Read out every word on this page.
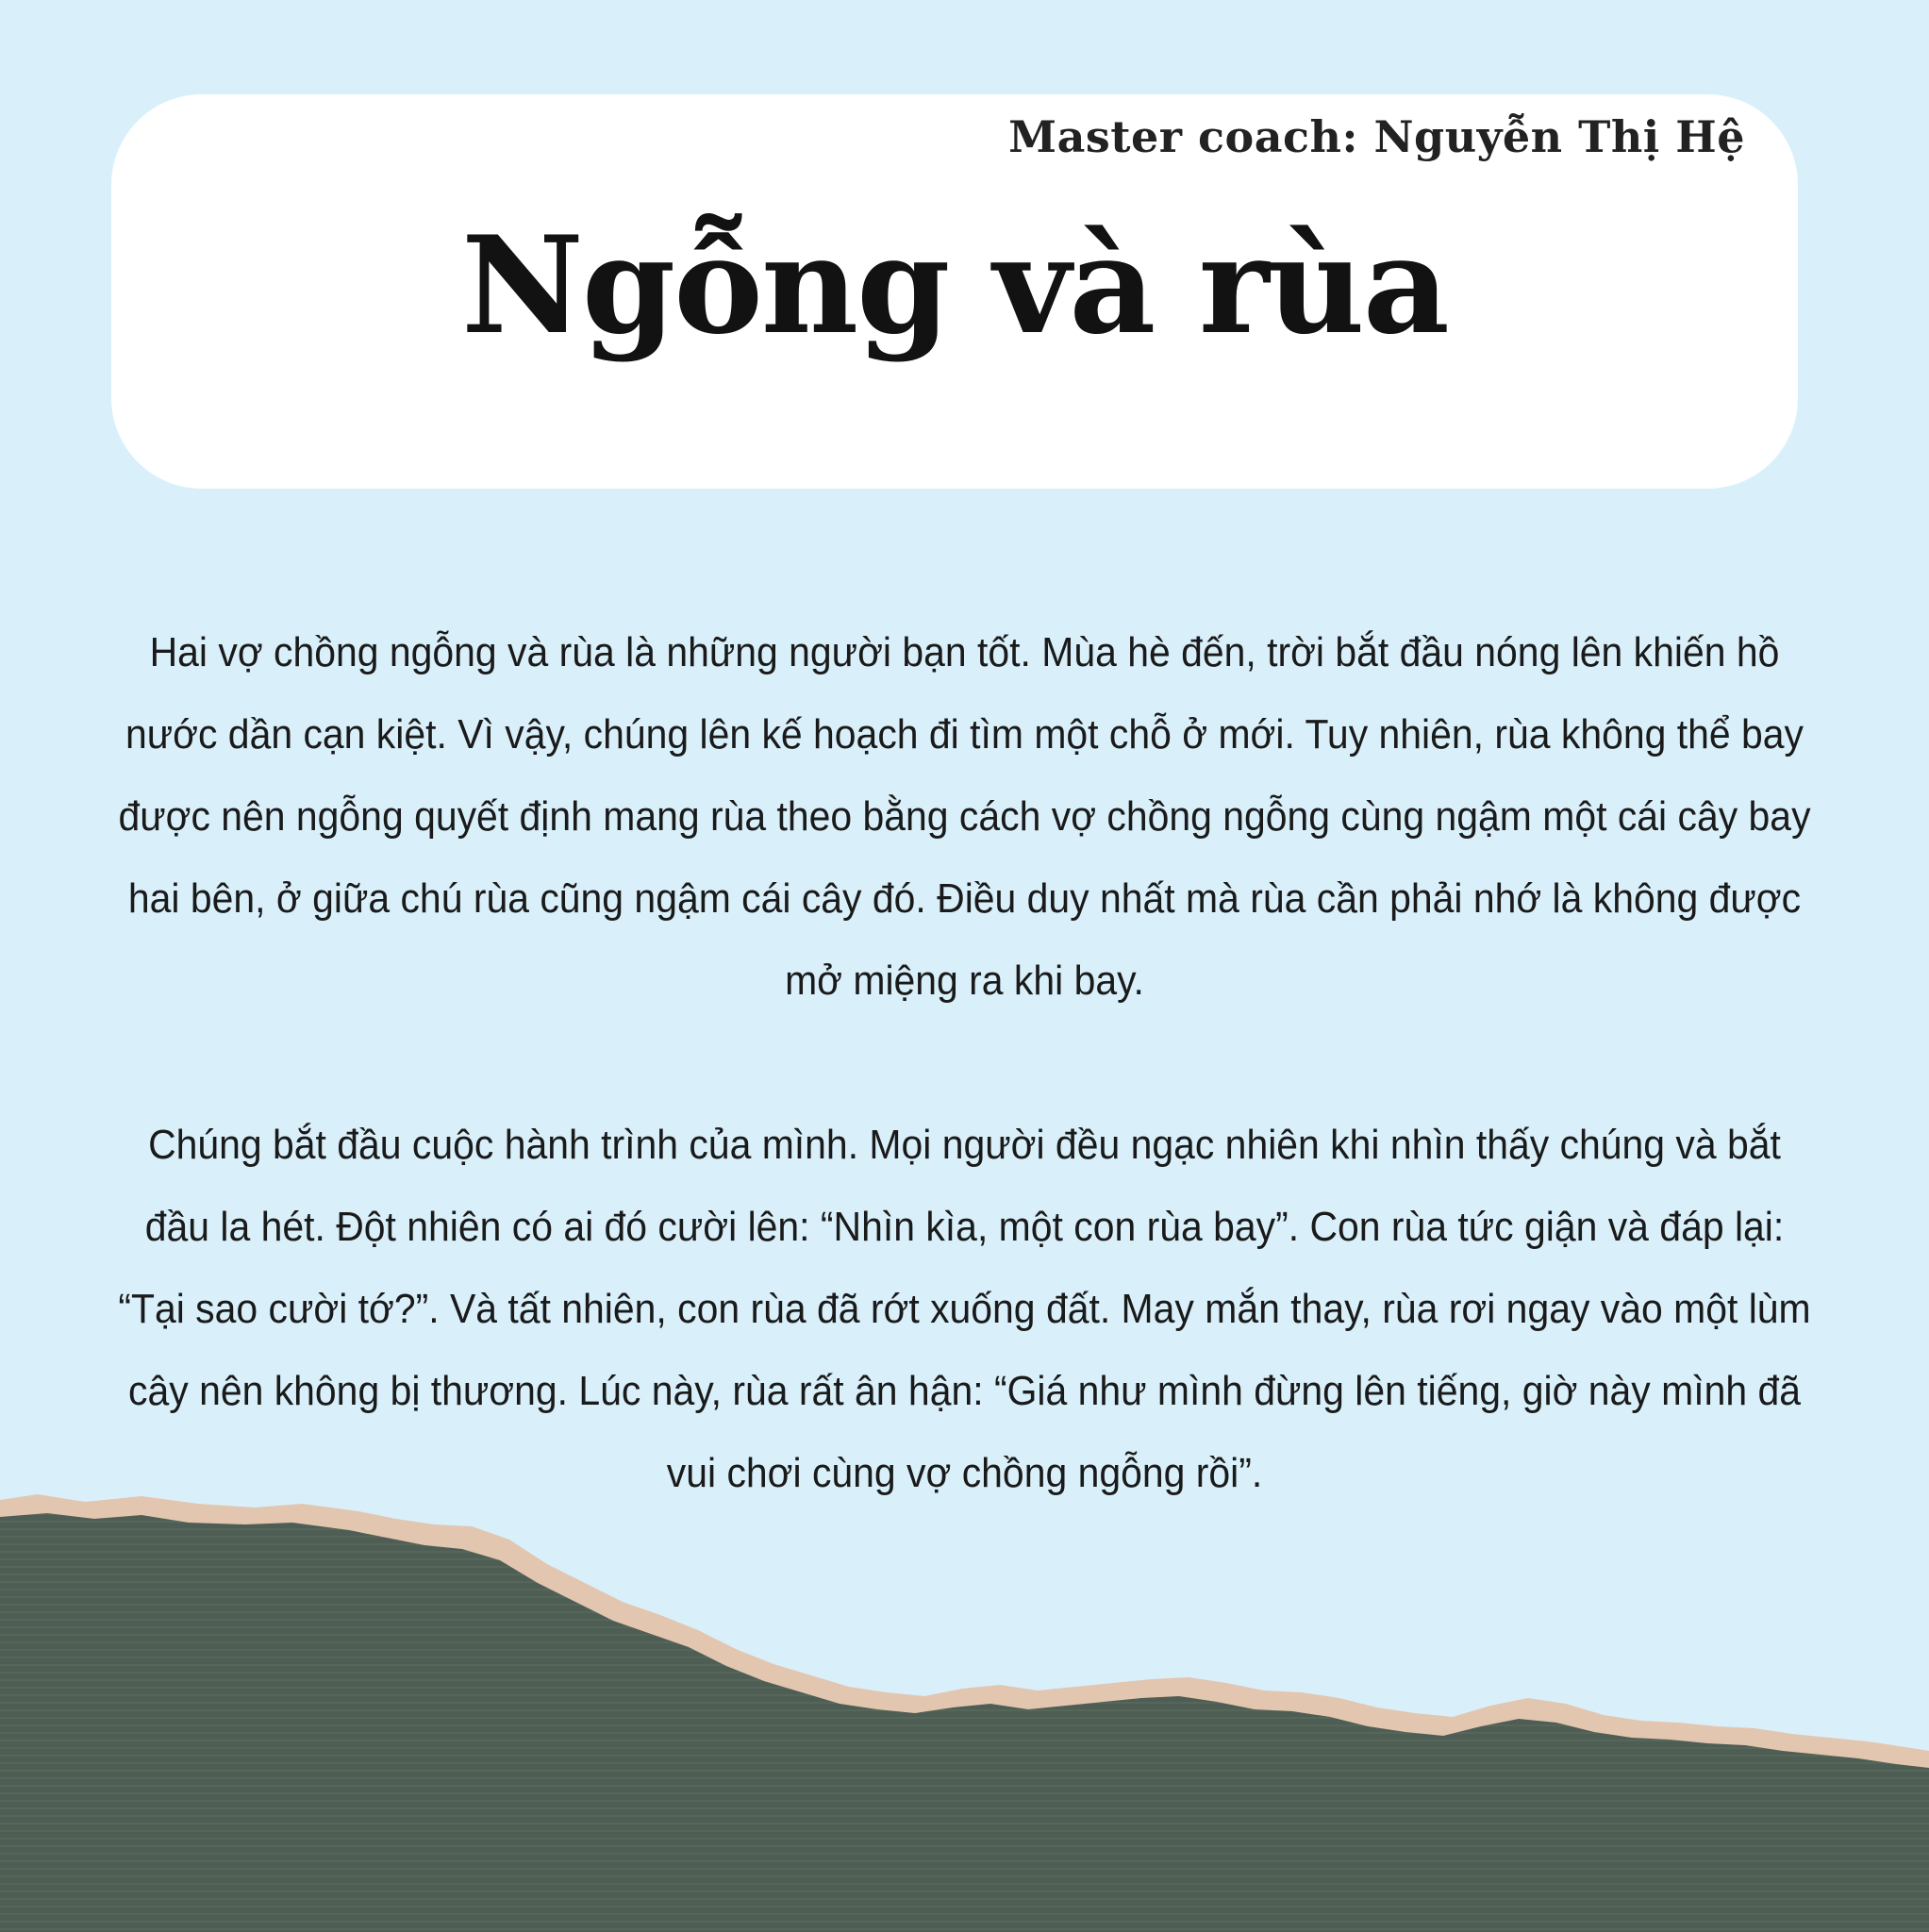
Master coach: Nguyễn Thị Hệ
Ngỗng và rùa

Hai vợ chồng ngỗng và rùa là những người bạn tốt. Mùa hè đến, trời bắt đầu nóng lên khiến hồ nước dần cạn kiệt. Vì vậy, chúng lên kế hoạch đi tìm một chỗ ở mới. Tuy nhiên, rùa không thể bay được nên ngỗng quyết định mang rùa theo bằng cách vợ chồng ngỗng cùng ngậm một cái cây bay hai bên, ở giữa chú rùa cũng ngậm cái cây đó. Điều duy nhất mà rùa cần phải nhớ là không được mở miệng ra khi bay.

Chúng bắt đầu cuộc hành trình của mình. Mọi người đều ngạc nhiên khi nhìn thấy chúng và bắt đầu la hét. Đột nhiên có ai đó cười lên: “Nhìn kìa, một con rùa bay”. Con rùa tức giận và đáp lại: “Tại sao cười tớ?”. Và tất nhiên, con rùa đã rớt xuống đất. May mắn thay, rùa rơi ngay vào một lùm cây nên không bị thương. Lúc này, rùa rất ân hận: “Giá như mình đừng lên tiếng, giờ này mình đã vui chơi cùng vợ chồng ngỗng rồi”.
